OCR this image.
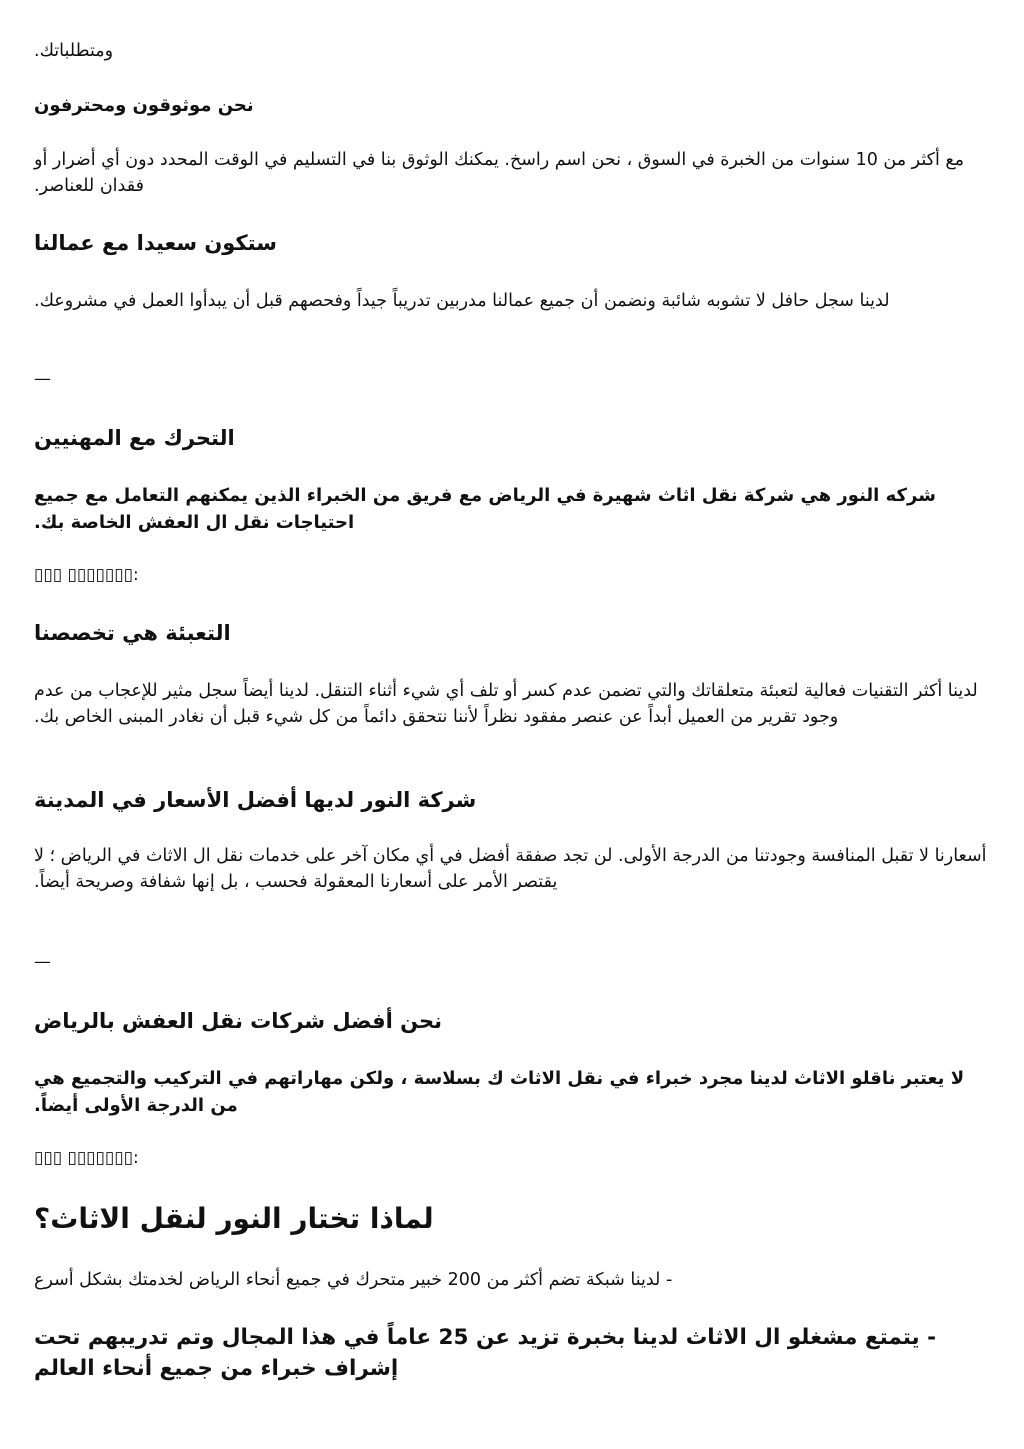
ومتطلباتك.
نحن موثوقون ومحترفون
مع أكثر من 10 سنوات من الخبرة في السوق ، نحن اسم راسخ. يمكنك الوثوق بنا في التسليم في الوقت المحدد دون أي أضرار أو فقدان للعناصر.
ستكون سعيدا مع عمالنا
لدينا سجل حافل لا تشوبه شائبة ونضمن أن جميع عمالنا مدربين تدريباً جيداً وفحصهم قبل أن يبدأوا العمل في مشروعك.
—
التحرك مع المهنيين
شركه النور هي شركة نقل اثاث شهيرة في الرياض مع فريق من الخبراء الذين يمكنهم التعامل مع جميع احتياجات نقل ال العفش الخاصة بك.
▯▯▯ ▯▯▯▯▯▯▯:
التعبئة هي تخصصنا
لدينا أكثر التقنيات فعالية لتعبئة متعلقاتك والتي تضمن عدم كسر أو تلف أي شيء أثناء التنقل. لدينا أيضاً سجل مثير للإعجاب من عدم وجود تقرير من العميل أبداً عن عنصر مفقود نظراً لأننا نتحقق دائماً من كل شيء قبل أن نغادر المبنى الخاص بك.
شركة النور لديها أفضل الأسعار في المدينة
أسعارنا لا تقبل المنافسة وجودتنا من الدرجة الأولى. لن تجد صفقة أفضل في أي مكان آخر على خدمات نقل ال الاثاث في الرياض ؛ لا يقتصر الأمر على أسعارنا المعقولة فحسب ، بل إنها شفافة وصريحة أيضاً.
—
نحن أفضل شركات نقل العفش بالرياض
لا يعتبر ناقلو الاثاث لدينا مجرد خبراء في نقل الاثاث ك بسلاسة ، ولكن مهاراتهم في التركيب والتجميع هي من الدرجة الأولى أيضاً.
▯▯▯ ▯▯▯▯▯▯▯:
لماذا تختار النور لنقل الاثاث؟
- لدينا شبكة تضم أكثر من 200 خبير متحرك في جميع أنحاء الرياض لخدمتك بشكل أسرع
- يتمتع مشغلو ال الاثاث لدينا بخبرة تزيد عن 25 عاماً في هذا المجال وتم تدريبهم تحت إشراف خبراء من جميع أنحاء العالم
